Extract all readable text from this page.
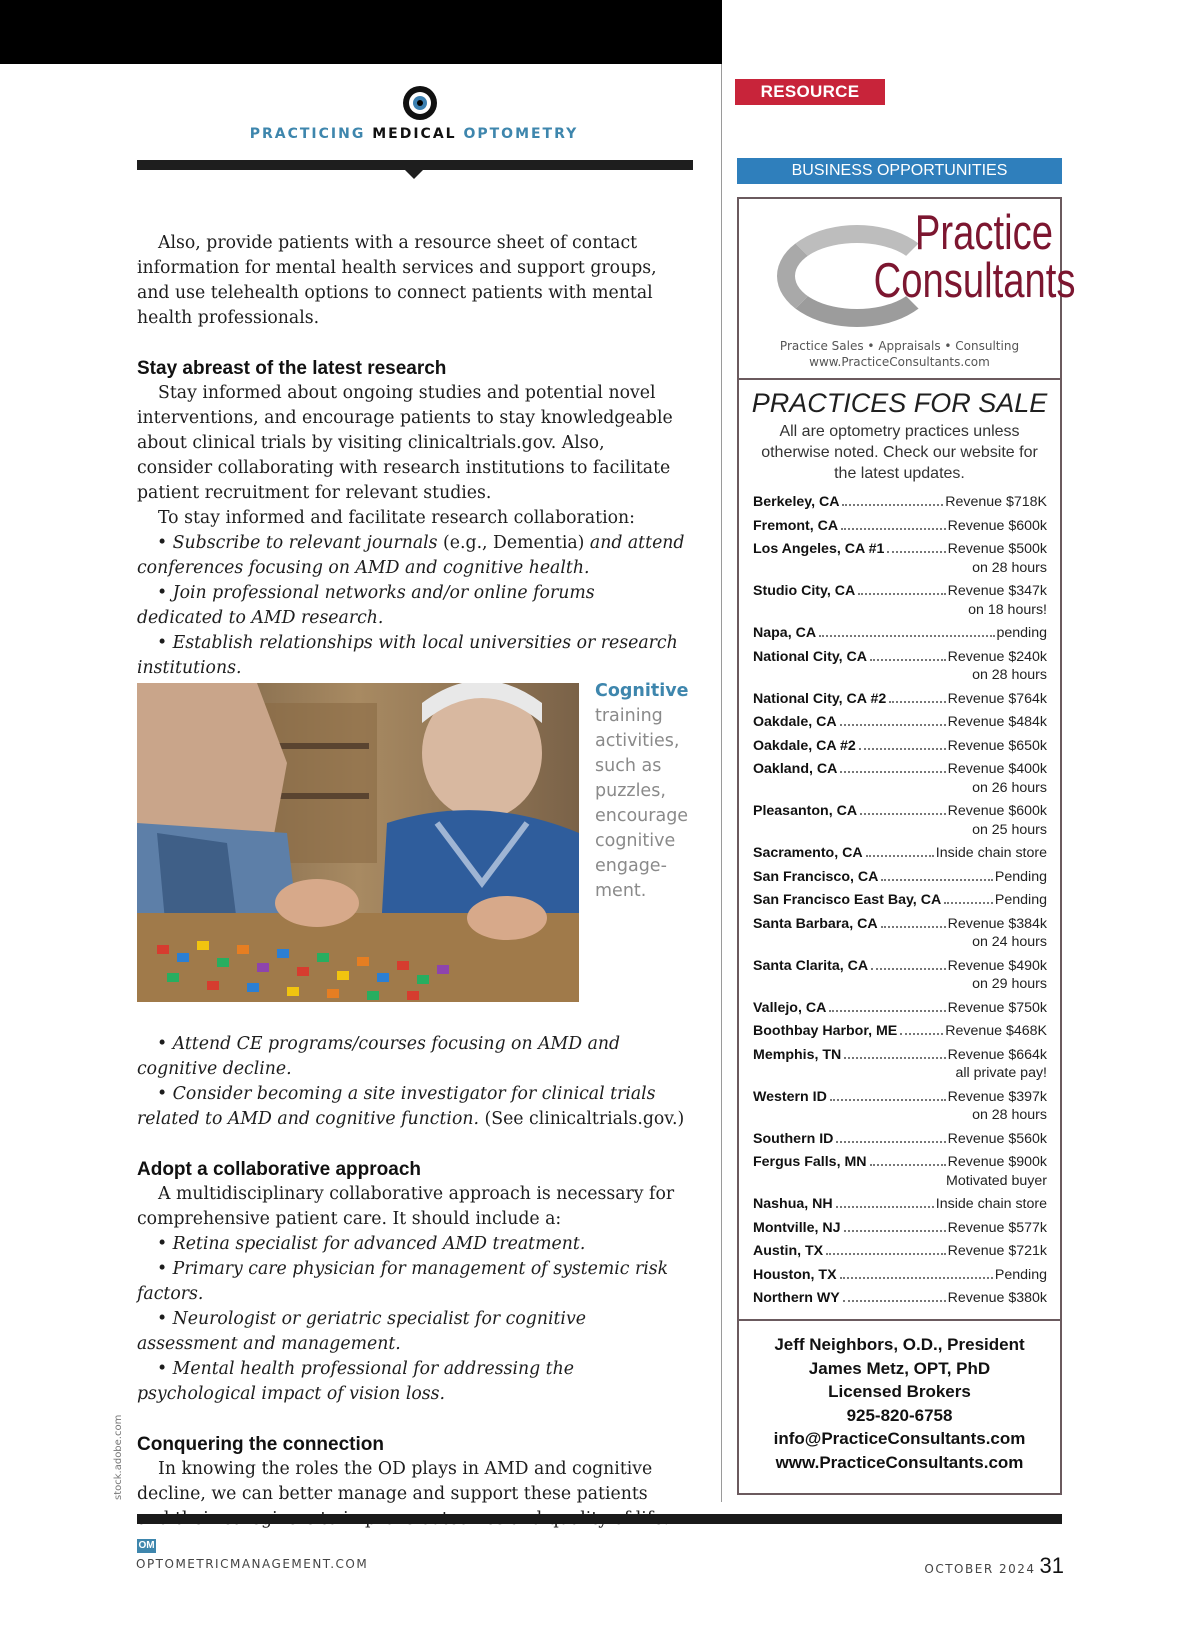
PRACTICING MEDICAL OPTOMETRY

Also, provide patients with a resource sheet of contact information for mental health services and support groups, and use telehealth options to connect patients with mental health professionals.

Stay abreast of the latest research

Stay informed about ongoing studies and potential novel interventions, and encourage patients to stay knowledgeable about clinical trials by visiting clinicaltrials.gov. Also, consider collaborating with research institutions to facilitate patient recruitment for relevant studies.

To stay informed and facilitate research collaboration:

• Subscribe to relevant journals (e.g., Dementia) and attend conferences focusing on AMD and cognitive health.
• Join professional networks and/or online forums dedicated to AMD research.
• Establish relationships with local universities or research institutions.
Cognitive training activities, such as puzzles, encourage cognitive engage-ment.
stock.adobe.com
• Attend CE programs/courses focusing on AMD and cognitive decline.
• Consider becoming a site investigator for clinical trials related to AMD and cognitive function. (See clinicaltrials.gov.)
Adopt a collaborative approach

A multidisciplinary collaborative approach is necessary for comprehensive patient care. It should include a:

• Retina specialist for advanced AMD treatment.
• Primary care physician for management of systemic risk factors.
• Neurologist or geriatric specialist for cognitive assessment and management.
• Mental health professional for addressing the psychological impact of vision loss.
Conquering the connection

In knowing the roles the OD plays in AMD and cognitive decline, we can better manage and support these patients OM

RESOURCE CENTER
BUSINESS OPPORTUNITIES
Practice
Consultants
Practice Sales • Appraisals • Consulting
www.PracticeConsultants.com
PRACTICES FOR SALE
All are optometry practices unless otherwise noted. Check our website for the latest updates.
Berkeley, CA	Revenue $718K
Fremont, CA	Revenue $600k
Los Angeles, CA #1	Revenue $500k
on 28 hours
Studio City, CA	Revenue $347k
on 18 hours!
Napa, CA	pending
National City, CA	Revenue $240k
on 28 hours
National City, CA #2	Revenue $764k
Oakdale, CA	Revenue $484k
Oakdale, CA #2	Revenue $650k
Oakland, CA	Revenue $400k
on 26 hours
Pleasanton, CA	Revenue $600k
on 25 hours
Sacramento, CA	Inside chain store
San Francisco, CA	Pending
San Francisco East Bay, CA	Pending
Santa Barbara, CA	Revenue $384k
on 24 hours
Santa Clarita, CA	Revenue $490k
on 29 hours
Vallejo, CA	Revenue $750k
Boothbay Harbor, ME	Revenue $468K
Memphis, TN	Revenue $664k
all private pay!
Western ID	Revenue $397k
on 28 hours
Southern ID	Revenue $560k
Fergus Falls, MN	Revenue $900k
Motivated buyer
Nashua, NH	Inside chain store
Montville, NJ	Revenue $577k
Austin, TX	Revenue $721k
Houston, TX	Pending
Northern WY	Revenue $380k
Jeff Neighbors, O.D., President
James Metz, OPT, PhD
Licensed Brokers
925-820-6758
info@PracticeConsultants.com
www.PracticeConsultants.com
OPTOMETRICMANAGEMENT.COM	OCTOBER 2024 31
